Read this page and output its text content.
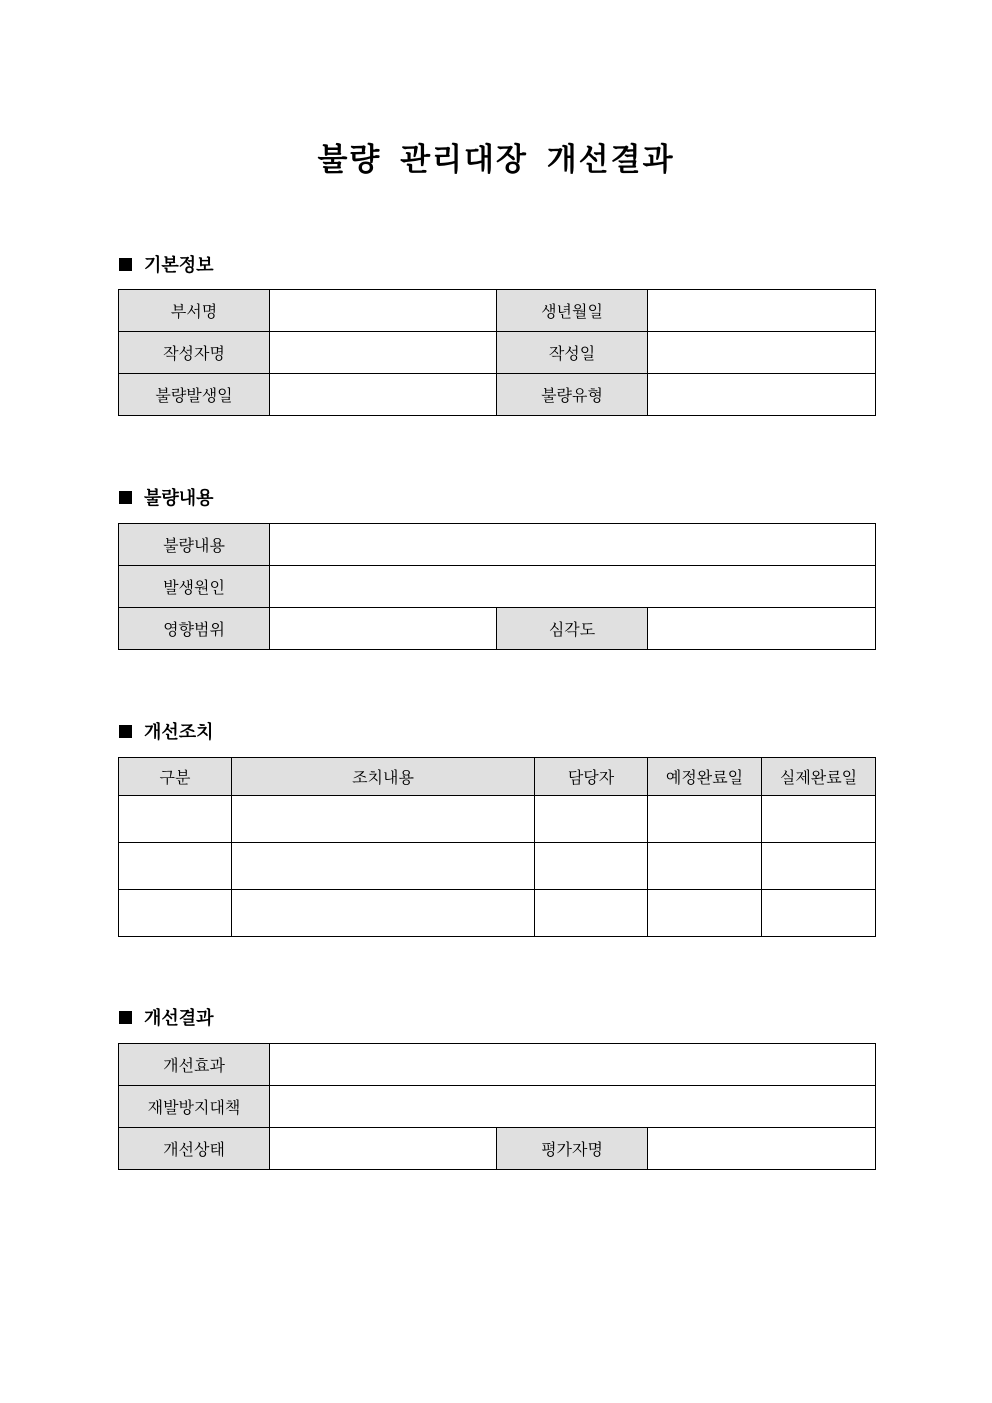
불량 관리대장 개선결과
기본정보
부서명		생년월일	
작성자명		작성일	
불량발생일		불량유형	
불량내용
불량내용			
발생원인			
영향범위		심각도	
개선조치
구분	조치내용	담당자	예정완료일	실제완료일

개선결과
개선효과			
재발방지대책			
개선상태		평가자명	
